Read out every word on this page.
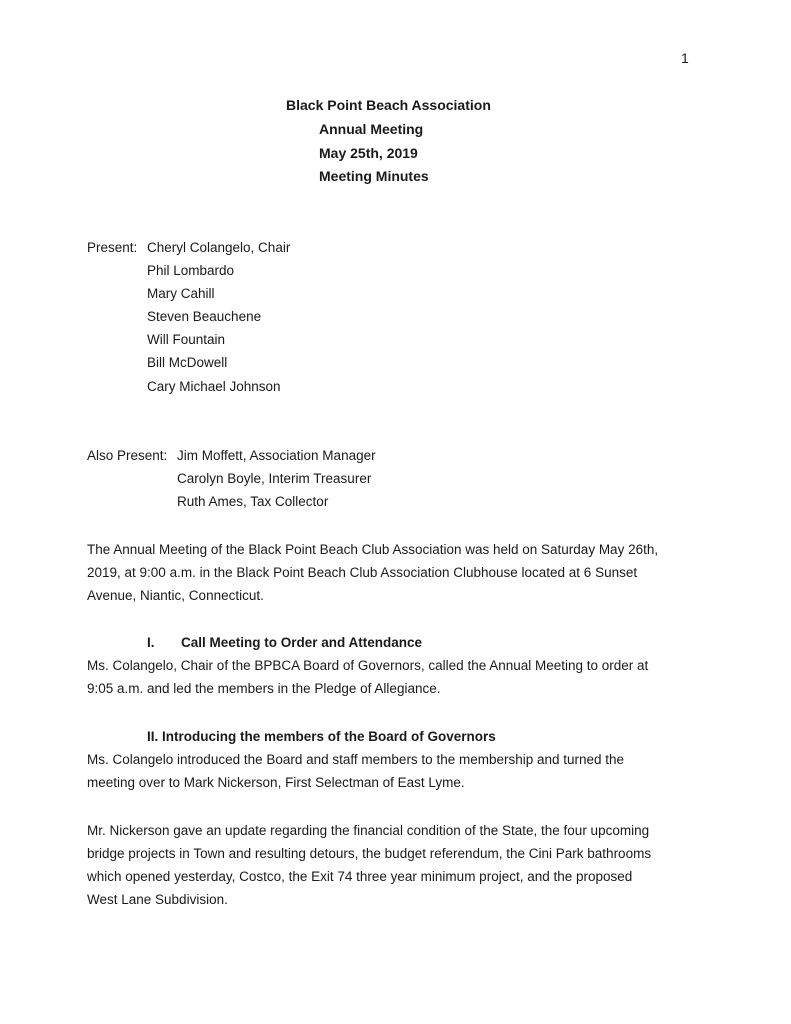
1
Black Point Beach Association
Annual Meeting
May 25th, 2019
Meeting Minutes
Present: Cheryl Colangelo, Chair
Phil Lombardo
Mary Cahill
Steven Beauchene
Will Fountain
Bill McDowell
Cary Michael Johnson
Also Present: Jim Moffett, Association Manager
Carolyn Boyle, Interim Treasurer
Ruth Ames, Tax Collector
The Annual Meeting of the Black Point Beach Club Association was held on Saturday May 26th,
2019, at 9:00 a.m. in the Black Point Beach Club Association Clubhouse located at 6 Sunset
Avenue, Niantic, Connecticut.
I. Call Meeting to Order and Attendance
Ms. Colangelo, Chair of the BPBCA Board of Governors, called the Annual Meeting to order at
9:05 a.m. and led the members in the Pledge of Allegiance.
II. Introducing the members of the Board of Governors
Ms. Colangelo introduced the Board and staff members to the membership and turned the
meeting over to Mark Nickerson, First Selectman of East Lyme.
Mr. Nickerson gave an update regarding the financial condition of the State, the four upcoming
bridge projects in Town and resulting detours, the budget referendum, the Cini Park bathrooms
which opened yesterday, Costco, the Exit 74 three year minimum project, and the proposed
West Lane Subdivision.
